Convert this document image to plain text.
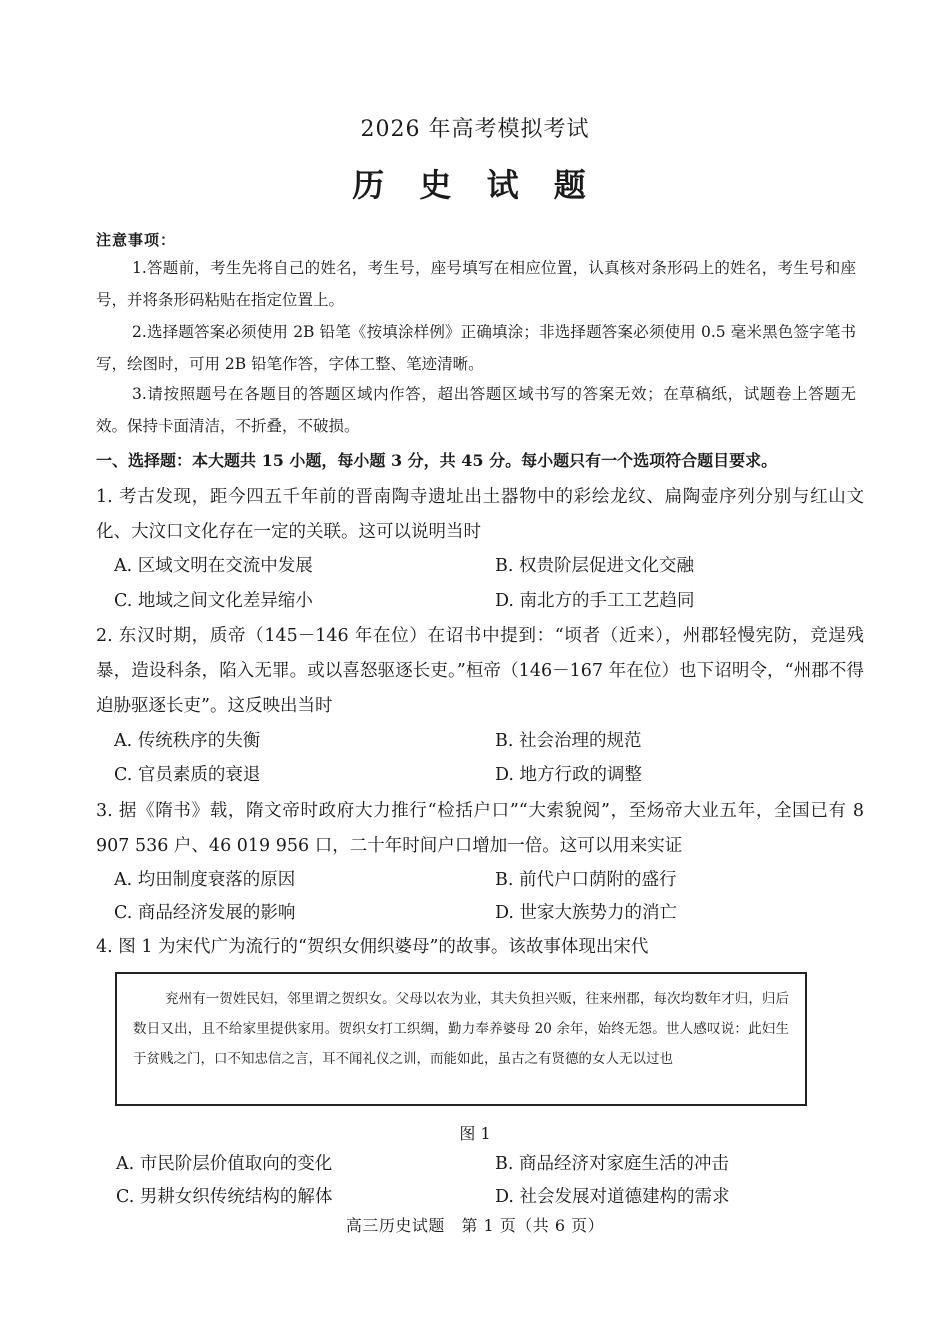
2026 年高考模拟考试
历 史 试 题
注意事项：
1.答题前，考生先将自己的姓名，考生号，座号填写在相应位置，认真核对条形码上的姓名，考生号和座号，并将条形码粘贴在指定位置上。
2.选择题答案必须使用 2B 铅笔《按填涂样例》正确填涂；非选择题答案必须使用 0.5 毫米黑色签字笔书写，绘图时，可用 2B 铅笔作答，字体工整、笔迹清晰。
3.请按照题号在各题目的答题区域内作答，超出答题区域书写的答案无效；在草稿纸，试题卷上答题无效。保持卡面清洁，不折叠，不破损。
一、选择题：本大题共 15 小题，每小题 3 分，共 45 分。每小题只有一个选项符合题目要求。
1. 考古发现，距今四五千年前的晋南陶寺遗址出土器物中的彩绘龙纹、扁陶壶序列分别与红山文化、大汶口文化存在一定的关联。这可以说明当时
A. 区域文明在交流中发展	B. 权贵阶层促进文化交融
C. 地域之间文化差异缩小	D. 南北方的手工工艺趋同
2. 东汉时期，质帝（145－146 年在位）在诏书中提到：“顷者（近来），州郡轻慢宪防，竞逞残暴，造设科条，陷入无罪。或以喜怒驱逐长吏。”桓帝（146－167 年在位）也下诏明令，“州郡不得迫胁驱逐长吏”。这反映出当时
A. 传统秩序的失衡	B. 社会治理的规范
C. 官员素质的衰退	D. 地方行政的调整
3. 据《隋书》载，隋文帝时政府大力推行“检括户口”“大索貌阅”，至炀帝大业五年，全国已有 8 907 536 户、46 019 956 口，二十年时间户口增加一倍。这可以用来实证
A. 均田制度衰落的原因	B. 前代户口荫附的盛行
C. 商品经济发展的影响	D. 世家大族势力的消亡
4. 图 1 为宋代广为流行的“贺织女佣织婆母”的故事。该故事体现出宋代
兖州有一贺姓民妇，邻里谓之贺织女。父母以农为业，其夫负担兴贩，往来州郡，每次均数年才归，归后数日又出，且不给家里提供家用。贺织女打工织绸，勤力奉养婆母 20 余年，始终无怨。世人感叹说：此妇生于贫贱之门，口不知忠信之言，耳不闻礼仪之训，而能如此，虽古之有贤德的女人无以过也
图 1
A. 市民阶层价值取向的变化	B. 商品经济对家庭生活的冲击
C. 男耕女织传统结构的解体	D. 社会发展对道德建构的需求
高三历史试题　第 1 页（共 6 页）
